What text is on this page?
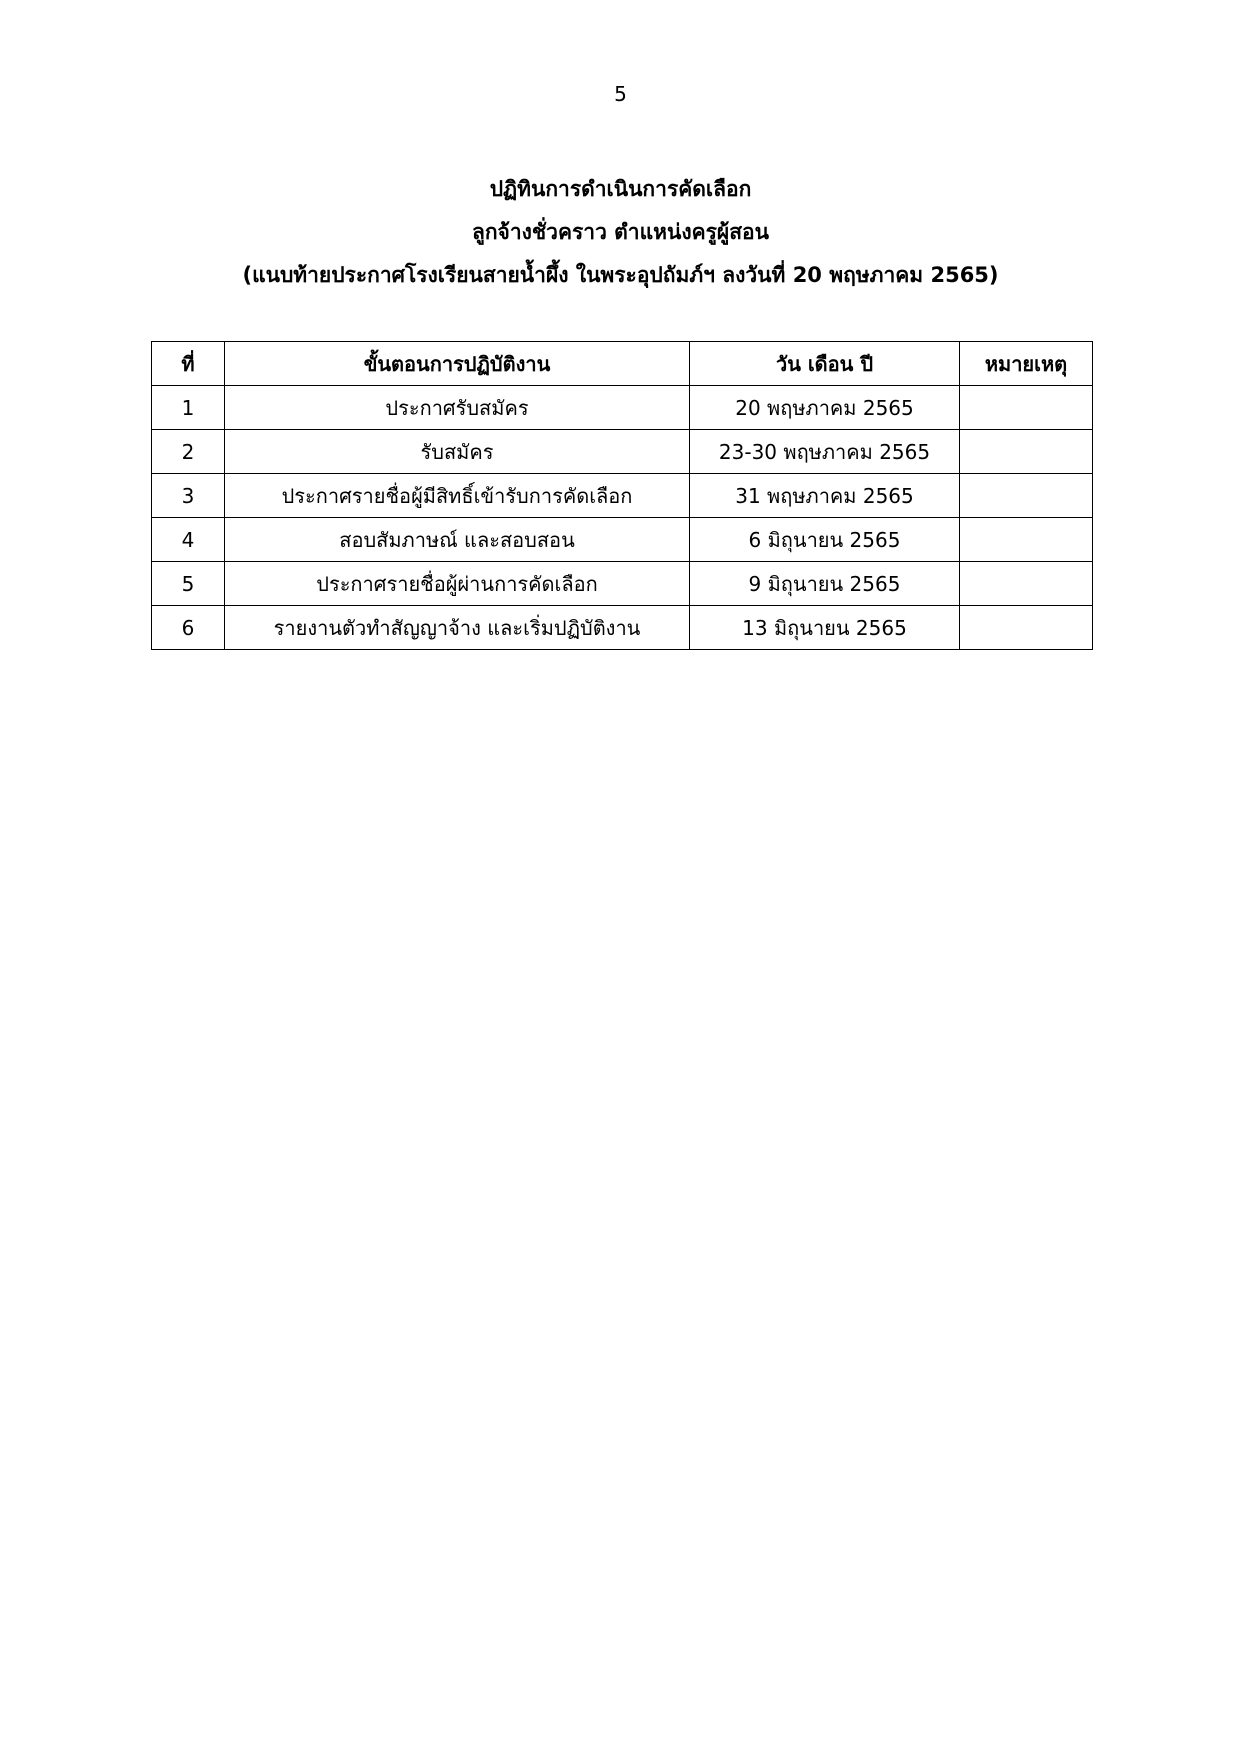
5
ปฏิทินการดำเนินการคัดเลือก
ลูกจ้างชั่วคราว ตำแหน่งครูผู้สอน
(แนบท้ายประกาศโรงเรียนสายน้ำผึ้ง ในพระอุปถัมภ์ฯ ลงวันที่ 20 พฤษภาคม 2565)
ที่	ขั้นตอนการปฏิบัติงาน	วัน เดือน ปี	หมายเหตุ
1	ประกาศรับสมัคร	20 พฤษภาคม 2565	
2	รับสมัคร	23-30 พฤษภาคม 2565	
3	ประกาศรายชื่อผู้มีสิทธิ์เข้ารับการคัดเลือก	31 พฤษภาคม 2565	
4	สอบสัมภาษณ์ และสอบสอน	6 มิถุนายน 2565	
5	ประกาศรายชื่อผู้ผ่านการคัดเลือก	9 มิถุนายน 2565	
6	รายงานตัวทำสัญญาจ้าง และเริ่มปฏิบัติงาน	13 มิถุนายน 2565	
